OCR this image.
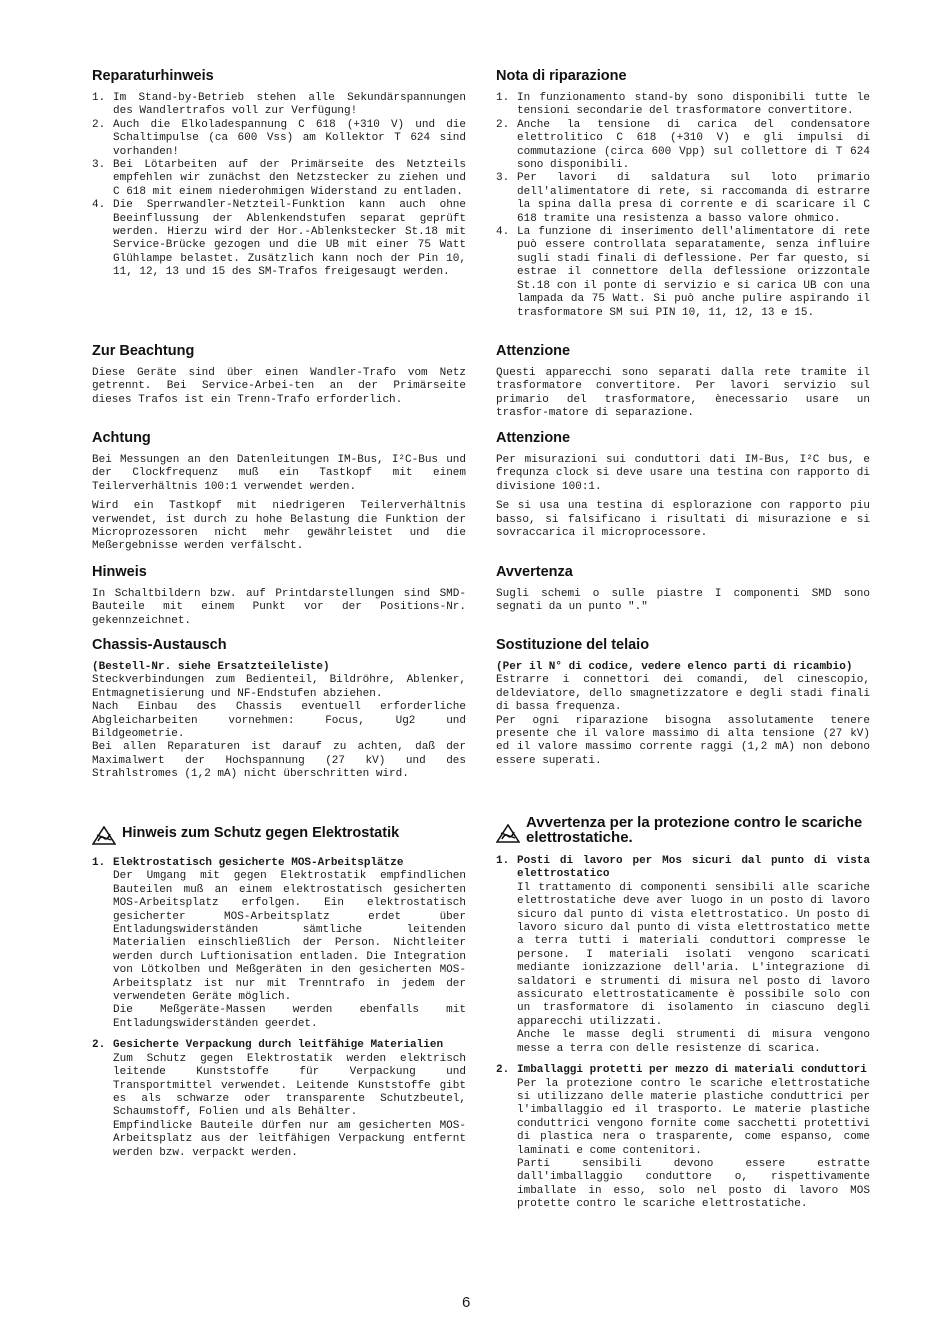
Reparaturhinweis
1. Im Stand-by-Betrieb stehen alle Sekundärspannungen des Wandlertrafos voll zur Verfügung!
2. Auch die Elkoladespannung C 618 (+310 V) und die Schaltimpulse (ca 600 Vss) am Kollektor T 624 sind vorhanden!
3. Bei Lötarbeiten auf der Primärseite des Netzteils empfehlen wir zunächst den Netzstecker zu ziehen und C 618 mit einem niederohmigen Widerstand zu entladen.
4. Die Sperrwandler-Netzteil-Funktion kann auch ohne Beeinflussung der Ablenkendstufen separat geprüft werden. Hierzu wird der Hor.-Ablenkstecker St.18 mit Service-Brücke gezogen und die UB mit einer 75 Watt Glühlampe belastet. Zusätzlich kann noch der Pin 10, 11, 12, 13 und 15 des SM-Trafos freigesaugt werden.
Zur Beachtung

Diese Geräte sind über einen Wandler-Trafo vom Netz getrennt. Bei Service-Arbei-ten an der Primärseite dieses Trafos ist ein Trenn-Trafo erforderlich.

Achtung

Bei Messungen an den Datenleitungen IM-Bus, I²C-Bus und der Clockfrequenz muß ein Tastkopf mit einem Teilerverhältnis 100:1 verwendet werden.

Wird ein Tastkopf mit niedrigeren Teilerverhältnis verwendet, ist durch zu hohe Belastung die Funktion der Microprozessoren nicht mehr gewährleistet und die Meßergebnisse werden verfälscht.

Hinweis

In Schaltbildern bzw. auf Printdarstellungen sind SMD-Bauteile mit einem Punkt vor der Positions-Nr. gekennzeichnet.

Chassis-Austausch
(Bestell-Nr. siehe Ersatzteileliste)
Steckverbindungen zum Bedienteil, Bildröhre, Ablenker, Entmagnetisierung und NF-Endstufen abziehen.
Nach Einbau des Chassis eventuell erforderliche Abgleicharbeiten vornehmen: Focus, Ug2 und Bildgeometrie.
Bei allen Reparaturen ist darauf zu achten, daß der Maximalwert der Hochspannung (27 kV) und des Strahlstromes (1,2 mA) nicht überschritten wird.
Hinweis zum Schutz gegen Elektrostatik
1. Elektrostatisch gesicherte MOS-Arbeitsplätze
Der Umgang mit gegen Elektrostatik empfindlichen Bauteilen muß an einem elektrostatisch gesicherten MOS-Arbeitsplatz erfolgen. Ein elektrostatisch gesicherter MOS-Arbeitsplatz erdet über Entladungswiderständen sämtliche leitenden Materialien einschließlich der Person. Nichtleiter werden durch Luftionisation entladen. Die Integration von Lötkolben und Meßgeräten in den gesicherten MOS-Arbeitsplatz ist nur mit Trenntrafo in jedem der verwendeten Geräte möglich.
Die Meßgeräte-Massen werden ebenfalls mit Entladungswiderständen geerdet.
2. Gesicherte Verpackung durch leitfähige Materialien
Zum Schutz gegen Elektrostatik werden elektrisch leitende Kunststoffe für Verpackung und Transportmittel verwendet. Leitende Kunststoffe gibt es als schwarze oder transparente Schutzbeutel, Schaumstoff, Folien und als Behälter.
Empfindlicke Bauteile dürfen nur am gesicherten MOS-Arbeitsplatz aus der leitfähigen Verpackung entfernt werden bzw. verpackt werden.
Nota di riparazione
1. In funzionamento stand-by sono disponibili tutte le tensioni secondarie del trasformatore convertitore.
2. Anche la tensione di carica del condensatore elettrolitico C 618 (+310 V) e gli impulsi di commutazione (circa 600 Vpp) sul collettore di T 624 sono disponibili.
3. Per lavori di saldatura sul loto primario dell'alimentatore di rete, si raccomanda di estrarre la spina dalla presa di corrente e di scaricare il C 618 tramite una resistenza a basso valore ohmico.
4. La funzione di inserimento dell'alimentatore di rete può essere controllata separatamente, senza influire sugli stadi finali di deflessione. Per far questo, si estrae il connettore della deflessione orizzontale St.18 con il ponte di servizio e si carica UB con una lampada da 75 Watt. Si può anche pulire aspirando il trasformatore SM sui PIN 10, 11, 12, 13 e 15.
Attenzione

Questi apparecchi sono separati dalla rete tramite il trasformatore convertitore. Per lavori servizio sul primario del trasformatore, ènecessario usare un trasfor-matore di separazione.

Attenzione

Per misurazioni sui conduttori dati IM-Bus, I²C bus, e frequnza clock si deve usare una testina con rapporto di divisione 100:1.

Se si usa una testina di esplorazione con rapporto piu basso, si falsificano i risultati di misurazione e si sovraccarica il microprocessore.

Avvertenza

Sugli schemi o sulle piastre I componenti SMD sono segnati da un punto "."

Sostituzione del telaio
(Per il N° di codice, vedere elenco parti di ricambio)
Estrarre i connettori dei comandi, del cinescopio, deldeviatore, dello smagnetizzatore e degli stadi finali di bassa frequenza.
Per ogni riparazione bisogna assolutamente tenere presente che il valore massimo di alta tensione (27 kV) ed il valore massimo corrente raggi (1,2 mA) non debono essere superati.
Avvertenza per la protezione contro le scariche elettrostatiche.
1. Posti di lavoro per Mos sicuri dal punto di vista elettrostatico
Il trattamento di componenti sensibili alle scariche elettrostatiche deve aver luogo in un posto di lavoro sicuro dal punto di vista elettrostatico. Un posto di lavoro sicuro dal punto di vista elettrostatico mette a terra tutti i materiali conduttori compresse le persone. I materiali isolati vengono scaricati mediante ionizzazione dell'aria. L'integrazione di saldatori e strumenti di misura nel posto di lavoro assicurato elettrostaticamente è possibile solo con un trasformatore di isolamento in ciascuno degli apparecchi utilizzati.
Anche le masse degli strumenti di misura vengono messe a terra con delle resistenze di scarica.
2. Imballaggi protetti per mezzo di materiali conduttori
Per la protezione contro le scariche elettrostatiche si utilizzano delle materie plastiche conduttrici per l'imballaggio ed il trasporto. Le materie plastiche conduttrici vengono fornite come sacchetti protettivi di plastica nera o trasparente, come espanso, come laminati e come contenitori.
Parti sensibili devono essere estratte dall'imballaggio conduttore o, rispettivamente imballate in esso, solo nel posto di lavoro MOS protette contro le scariche elettrostatiche.
6
